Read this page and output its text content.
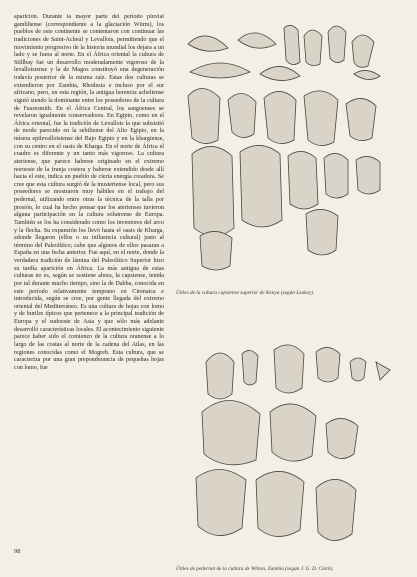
aparición. Durante la mayor parte del período pluvial gambliense (correspondiente a la glaciación Würm), los pueblos de este continente se contentaron con continuar las tradiciones de Saint-Acheul y Levallois, permitiendo que el movimiento progresivo de la historia mundial los dejara a un lado y se fuera al norte. En el África oriental la cultura de Stillbay fue un desarrollo moderadamente vigoroso de la levalloisiense y la de Magos constituyó una degeneración todavía posterior de la misma raíz. Estas dos culturas se extendieron por Zambia, Rhodesia e incluso por el sur africano, pero, en esta región, la antigua herencia acheliense siguió siendo la dominante entre los poseedores de la cultura de Fauresmith. En el África Central, los sangoenses se revelaron igualmente conservadores. En Egipto, como en el África oriental, fue la tradición de Levallois la que subsistió de modo parecido en la sebiliense del Alto Egipto, en la mísera epilevalloisiense del Bajo Egipto y en la khargiense, con su centro en el oasis de Kharga. En el norte de África el cuadro es diferente y un tanto más vigoroso. La cultura ateriense, que parece haberse originado en el extremo noroeste de la franja costera y haberse extendido desde allí hacia el este, indica un pueblo de cierta energía creadora. Se cree que esta cultura surgió de la musteriense local, pero sus poseedores se mostraron muy hábiles en el trabajo del pedernal, utilizando entre otras la técnica de la talla por presión, lo cual ha hecho pensar que los aterienses tuvieron alguna participación en la cultura solutrense de Europa. También se los ha considerado como los inventores del arco y la flecha. Su expansión los llevó hasta el oasis de Kharga, adonde llegaron (ellos o su influencia cultural) justo al término del Paleolítico; cabe que algunos de ellos pasaran a España en una fecha anterior. Fue aquí, en el norte, donde la verdadera tradición de lámina del Paleolítico Superior hizo su tardía aparición en África. La más antigua de estas culturas no es, según se sostiene ahora, la capsiense, tenida por tal durante mucho tiempo, sino la de Dabba, conocida en este período relativamente temprano en Cirenaica e introducida, según se cree, por gente llegada del extremo oriental del Mediterráneo. Es una cultura de hojas con lomo y de buriles típicos que pertenece a la principal tradición de Europa y el sudoeste de Asia y que sólo más adelante desarrolló características locales. El acontecimiento siguiente parece haber sido el comienzo de la cultura oranense a lo largo de las costas al norte de la cadena del Atlas, en las regiones conocidas como el Mogreb. Esta cultura, que se caracteriza por una gran preponderancia de pequeñas hojas con lomo, fue

Útiles de la cultura capsiense superior de Kenya (según Leakey).
Útiles de pedernal de la cultura de Wilton, Zambia (según J. G. D. Clark).
98
